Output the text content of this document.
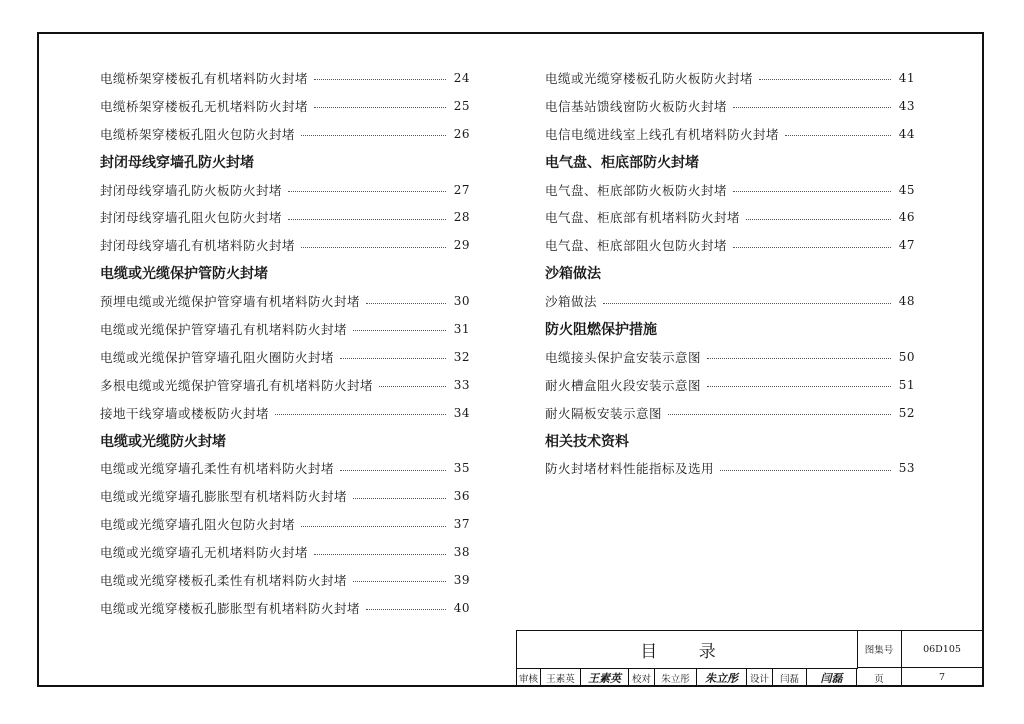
电缆桥架穿楼板孔有机堵料防火封堵	24
电缆桥架穿楼板孔无机堵料防火封堵	25
电缆桥架穿楼板孔阻火包防火封堵	26
封闭母线穿墙孔防火封堵
封闭母线穿墙孔防火板防火封堵	27
封闭母线穿墙孔阻火包防火封堵	28
封闭母线穿墙孔有机堵料防火封堵	29
电缆或光缆保护管防火封堵
预埋电缆或光缆保护管穿墙有机堵料防火封堵	30
电缆或光缆保护管穿墙孔有机堵料防火封堵	31
电缆或光缆保护管穿墙孔阻火圈防火封堵	32
多根电缆或光缆保护管穿墙孔有机堵料防火封堵	33
接地干线穿墙或楼板防火封堵	34
电缆或光缆防火封堵
电缆或光缆穿墙孔柔性有机堵料防火封堵	35
电缆或光缆穿墙孔膨胀型有机堵料防火封堵	36
电缆或光缆穿墙孔阻火包防火封堵	37
电缆或光缆穿墙孔无机堵料防火封堵	38
电缆或光缆穿楼板孔柔性有机堵料防火封堵	39
电缆或光缆穿楼板孔膨胀型有机堵料防火封堵	40
电缆或光缆穿楼板孔防火板防火封堵	41
电信基站馈线窗防火板防火封堵	43
电信电缆进线室上线孔有机堵料防火封堵	44
电气盘、柜底部防火封堵
电气盘、柜底部防火板防火封堵	45
电气盘、柜底部有机堵料防火封堵	46
电气盘、柜底部阻火包防火封堵	47
沙箱做法
沙箱做法	48
防火阻燃保护措施
电缆接头保护盒安装示意图	50
耐火槽盒阻火段安装示意图	51
耐火隔板安装示意图	52
相关技术资料
防火封堵材料性能指标及选用	53
目 录	图集号	06D105
审核 王素英	王素英	校对	朱立彤	朱立彤	设计	闫磊	闫磊	页	7
